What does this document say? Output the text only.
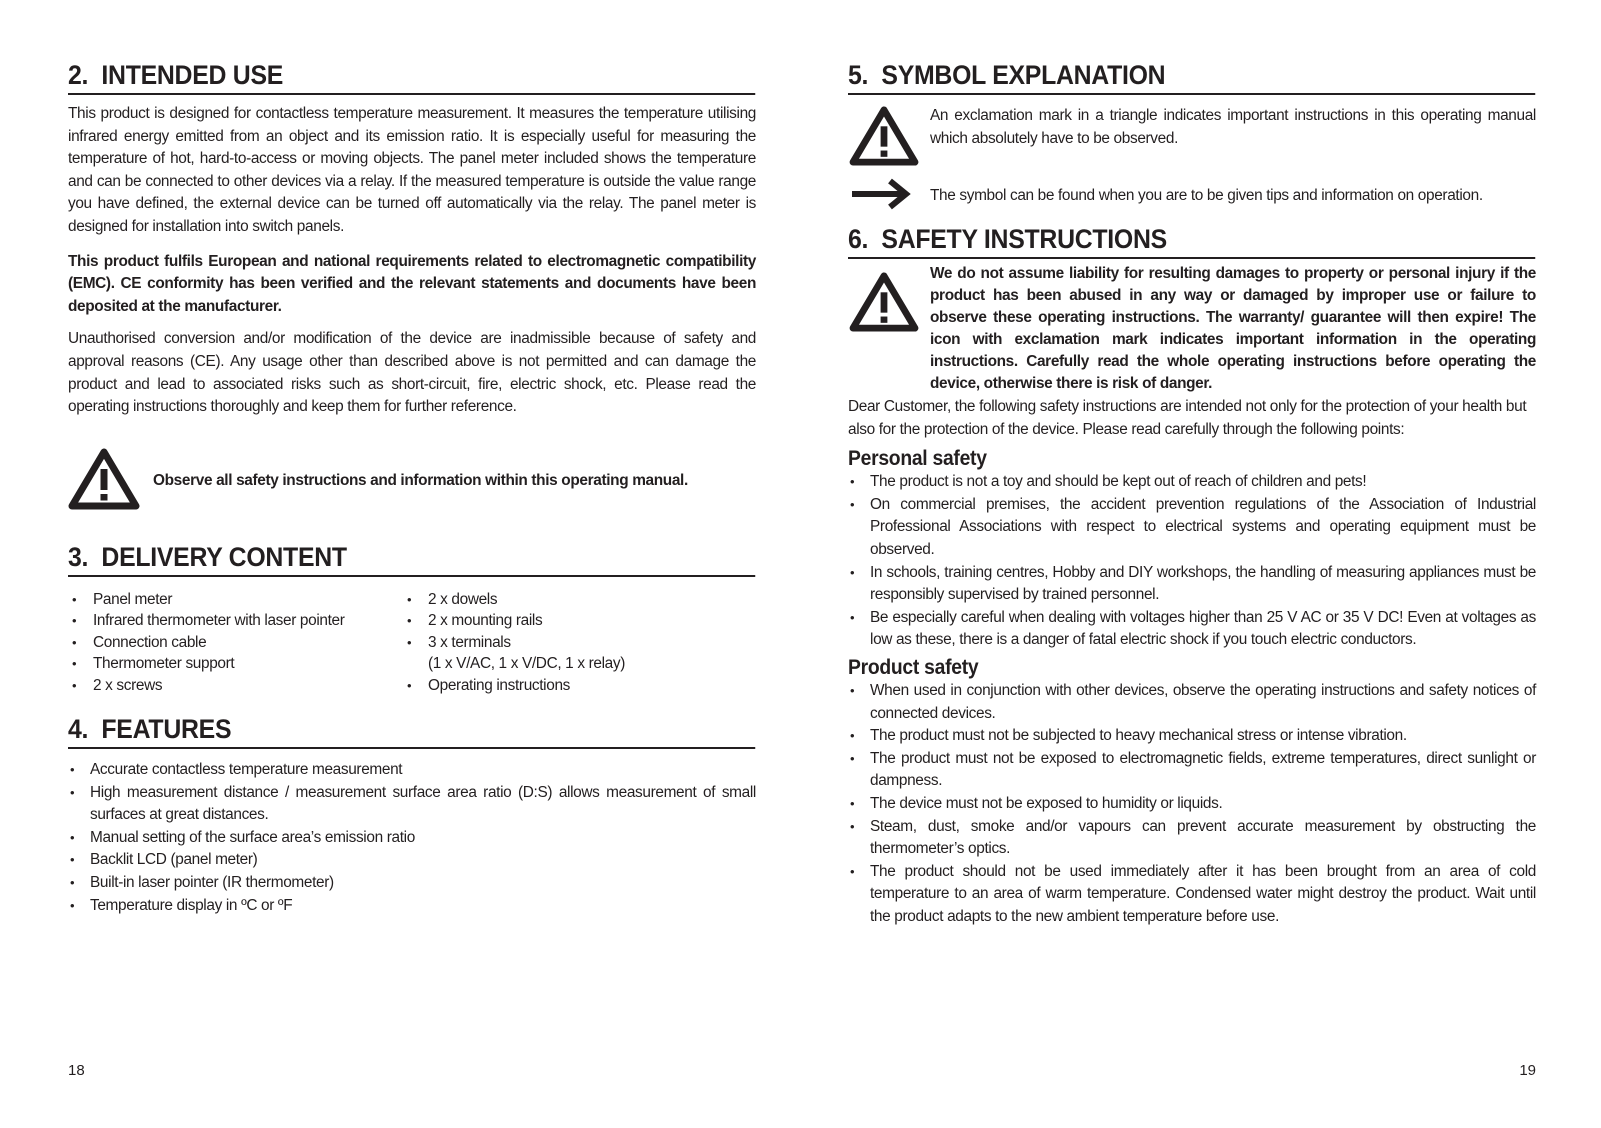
2.  INTENDED USE

This product is designed for contactless temperature measurement. It measures the temperature utilising infrared energy emitted from an object and its emission ratio. It is especially useful for measuring the temperature of hot, hard-to-access or moving objects. The panel meter included shows the temperature and can be connected to other devices via a relay. If the measured temperature is outside the value range you have defined, the external device can be turned off automatically via the relay. The panel meter is designed for installation into switch panels.

This product fulfils European and national requirements related to electromagnetic compatibility (EMC). CE conformity has been verified and the relevant statements and documents have been deposited at the manufacturer.

Unauthorised conversion and/or modification of the device are inadmissible because of safety and approval reasons (CE). Any usage other than described above is not permitted and can damage the product and lead to associated risks such as short-circuit, fire, electric shock, etc. Please read the operating instructions thoroughly and keep them for further reference.

Observe all safety instructions and information within this operating manual.
3.  DELIVERY CONTENT
• Panel meter
• Infrared thermometer with laser pointer
• Connection cable
• Thermometer support
• 2 x screws
• 2 x dowels
• 2 x mounting rails
• 3 x terminals
(1 x V/AC, 1 x V/DC, 1 x relay)
• Operating instructions
4.  FEATURES
• Accurate contactless temperature measurement
• High measurement distance / measurement surface area ratio (D:S) allows measurement of small surfaces at great distances.
• Manual setting of the surface area’s emission ratio
• Backlit LCD (panel meter)
• Built-in laser pointer (IR thermometer)
• Temperature display in ºC or ºF
18
5.  SYMBOL EXPLANATION

An exclamation mark in a triangle indicates important instructions in this operating manual which absolutely have to be observed.

The symbol can be found when you are to be given tips and information on operation.

6.  SAFETY INSTRUCTIONS

We do not assume liability for resulting damages to property or personal injury if the product has been abused in any way or damaged by improper use or failure to observe these operating instructions. The warranty/ guarantee will then expire! The icon with exclamation mark indicates important information in the operating instructions. Carefully read the whole operating instructions before operating the device, otherwise there is risk of danger.

Dear Customer, the following safety instructions are intended not only for the protection of your health but also for the protection of the device. Please read carefully through the following points:

Personal safety
• The product is not a toy and should be kept out of reach of children and pets!
• On commercial premises, the accident prevention regulations of the Association of Industrial Professional Associations with respect to electrical systems and operating equipment must be observed.
• In schools, training centres, Hobby and DIY workshops, the handling of measuring appliances must be responsibly supervised by trained personnel.
• Be especially careful when dealing with voltages higher than 25 V AC or 35 V DC! Even at voltages as low as these, there is a danger of fatal electric shock if you touch electric conductors.
Product safety
• When used in conjunction with other devices, observe the operating instructions and safety notices of connected devices.
• The product must not be subjected to heavy mechanical stress or intense vibration.
• The product must not be exposed to electromagnetic fields, extreme temperatures, direct sunlight or dampness.
• The device must not be exposed to humidity or liquids.
• Steam, dust, smoke and/or vapours can prevent accurate measurement by obstructing the thermometer’s optics.
• The product should not be used immediately after it has been brought from an area of cold temperature to an area of warm temperature. Condensed water might destroy the product. Wait until the product adapts to the new ambient temperature before use.
19
